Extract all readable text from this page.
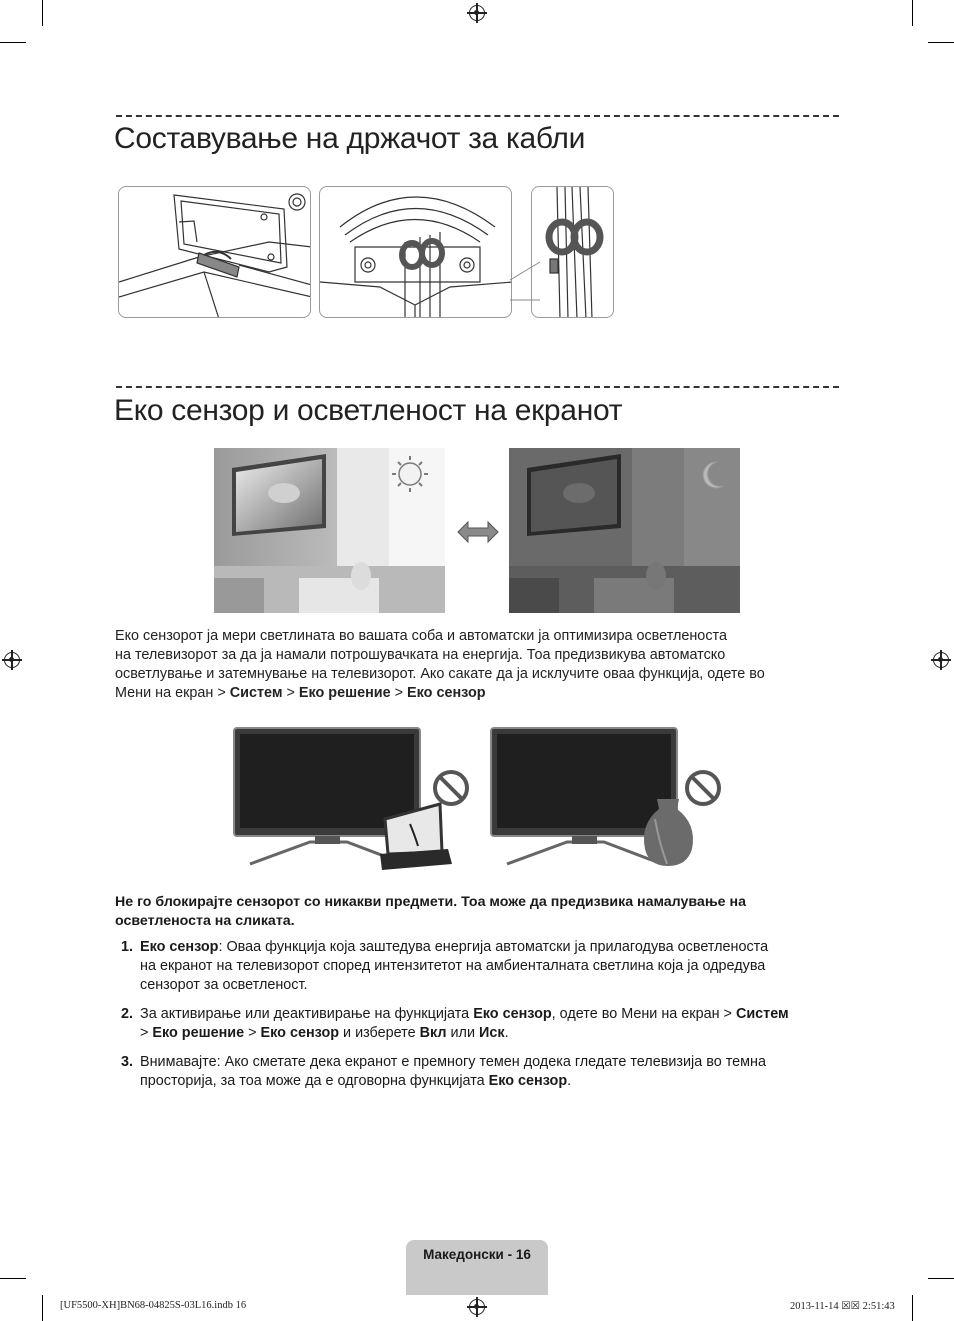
Составување на држачот за кабли
Еко сензор и осветленост на екранот
Еко сензорот ја мери светлината во вашата соба и автоматски ја оптимизира осветленоста
на телевизорот за да ја намали потрошувачката на енергија. Тоа предизвикува автоматско
осветлување и затемнување на телевизорот. Ако сакате да ја исклучите оваа функција, одете во
Мени на екран > Систем > Еко решение > Еко сензор
Не го блокирајте сензорот со никакви предмети. Тоа може да предизвика намалување на
осветленоста на сликата.
1. Еко сензор: Оваа функција која заштедува енергија автоматски ја прилагодува осветленоста
на екранот на телевизорот според интензитетот на амбиенталната светлина која ја одредува
сензорот за осветленост.
2. За активирање или деактивирање на функцијата Еко сензор, одете во Мени на екран > Систем
> Еко решение > Еко сензор и изберете Вкл или Иск.
3. Внимавајте: Ако сметате дека екранот е премногу темен додека гледате телевизија во темна
просторија, за тоа може да е одговорна функцијата Еко сензор.
Македонски - 16
[UF5500-XH]BN68-04825S-03L16.indb 16	2013-11-14 ☒☒ 2:51:43
